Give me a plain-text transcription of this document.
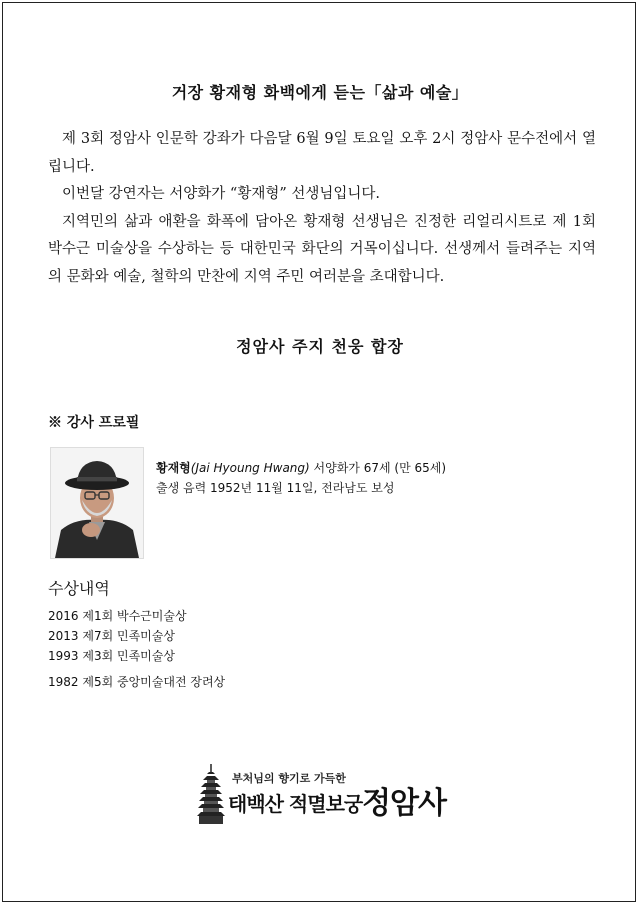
거장 황재형 화백에게 듣는「삶과 예술」

제 3회 정암사 인문학 강좌가 다음달 6월 9일 토요일 오후 2시 정암사 문수전에서 열립니다.

이번달 강연자는 서양화가 “황재형” 선생님입니다.

지역민의 삶과 애환을 화폭에 담아온 황재형 선생님은 진정한 리얼리시트로 제 1회 박수근 미술상을 수상하는 등 대한민국 화단의 거목이십니다. 선생께서 들려주는 지역의 문화와 예술, 철학의 만찬에 지역 주민 여러분을 초대합니다.

정암사 주지 천웅 합장
※ 강사 프로필
황재형(Jai Hyoung Hwang) 서양화가 67세 (만 65세)
출생 음력 1952년 11월 11일, 전라남도 보성
수상내역
2016 제1회 박수근미술상
2013 제7회 민족미술상
1993 제3회 민족미술상
1982 제5회 중앙미술대전 장려상
부처님의 향기로 가득한
태백산 적멸보궁 정암사
